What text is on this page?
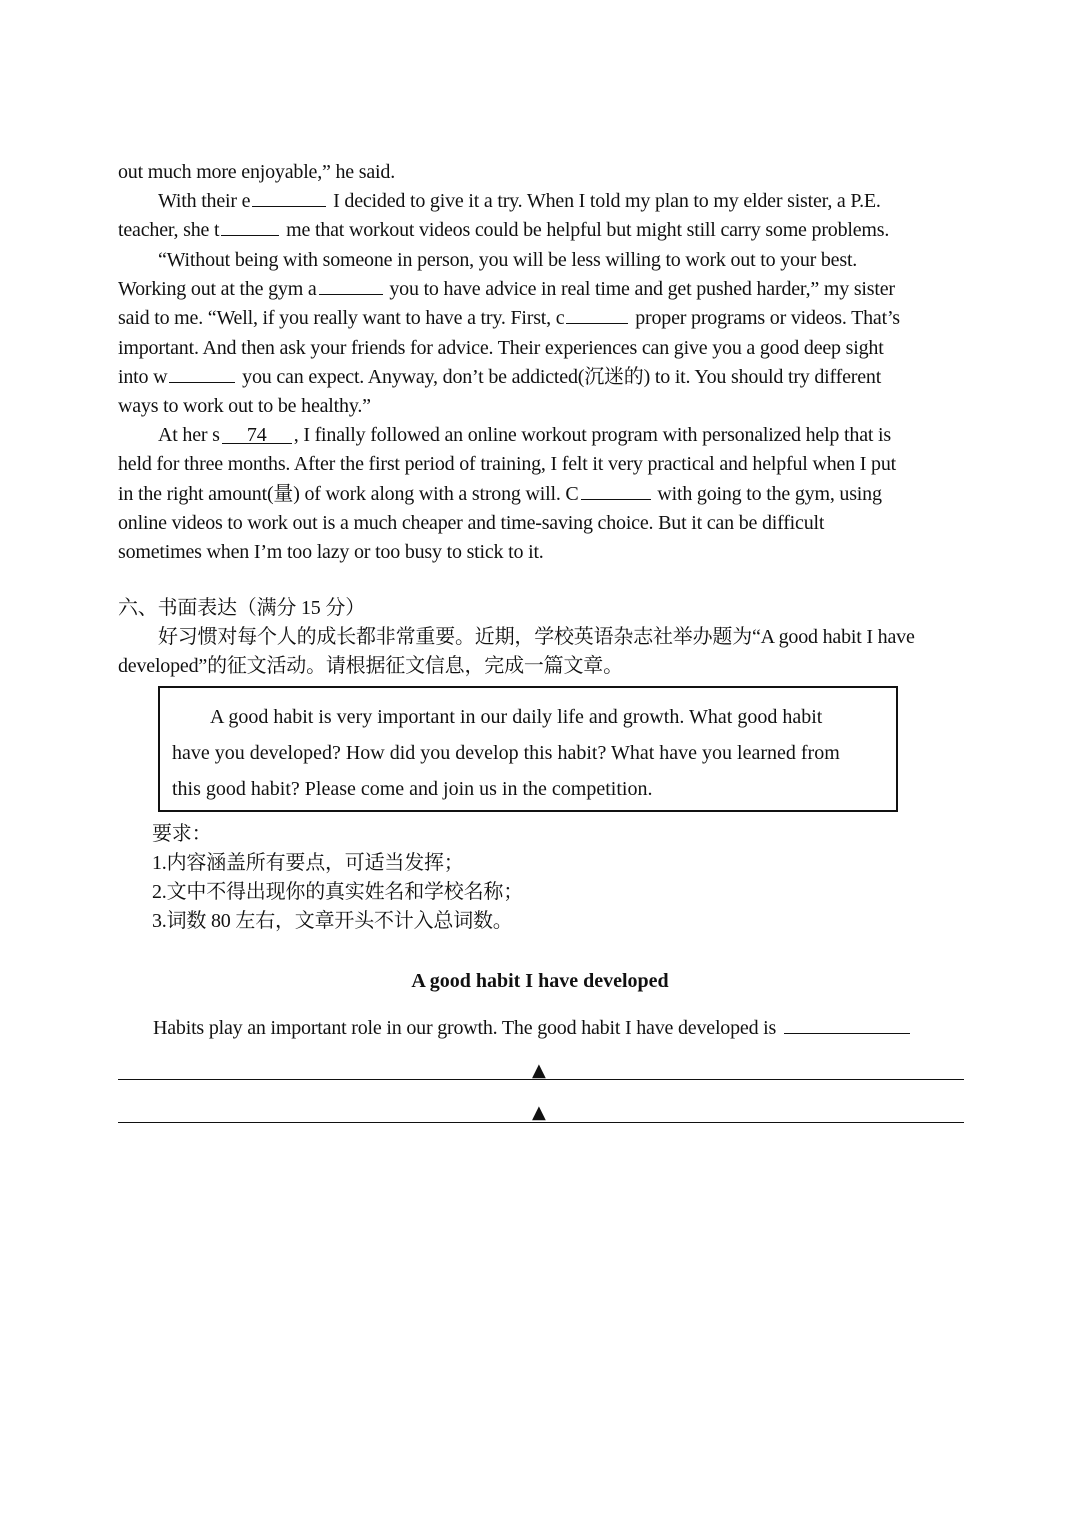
out much more enjoyable,” he said.
With their e	I decided to give it a try. When I told my plan to my elder sister, a P.E.
teacher, she t	me that workout videos could be helpful but might still carry some problems.
“Without being with someone in person, you will be less willing to work out to your best.
Working out at the gym a	you to have advice in real time and get pushed harder,” my sister
said to me. “Well, if you really want to have a try. First, c	proper programs or videos. That’s
important. And then ask your friends for advice. Their experiences can give you a good deep sight
into w	you can expect. Anyway, don’t be addicted(沉迷的) to it. You should try different
ways to work out to be healthy.”
At her s 74 , I finally followed an online workout program with personalized help that is
held for three months. After the first period of training, I felt it very practical and helpful when I put
in the right amount(量) of work along with a strong will. C	with going to the gym, using
online videos to work out is a much cheaper and time-saving choice. But it can be difficult
sometimes when I’m too lazy or too busy to stick to it.
六、书面表达（满分 15 分）
好习惯对每个人的成长都非常重要。近期，学校英语杂志社举办题为“A good habit I have
developed”的征文活动。请根据征文信息，完成一篇文章。
A good habit is very important in our daily life and growth. What good habit
have you developed? How did you develop this habit? What have you learned from
this good habit? Please come and join us in the competition.
要求：
1.内容涵盖所有要点，可适当发挥；
2.文中不得出现你的真实姓名和学校名称；
3.词数 80 左右，文章开头不计入总词数。
A good habit I have developed
Habits play an important role in our growth. The good habit I have developed is
▲
▲
